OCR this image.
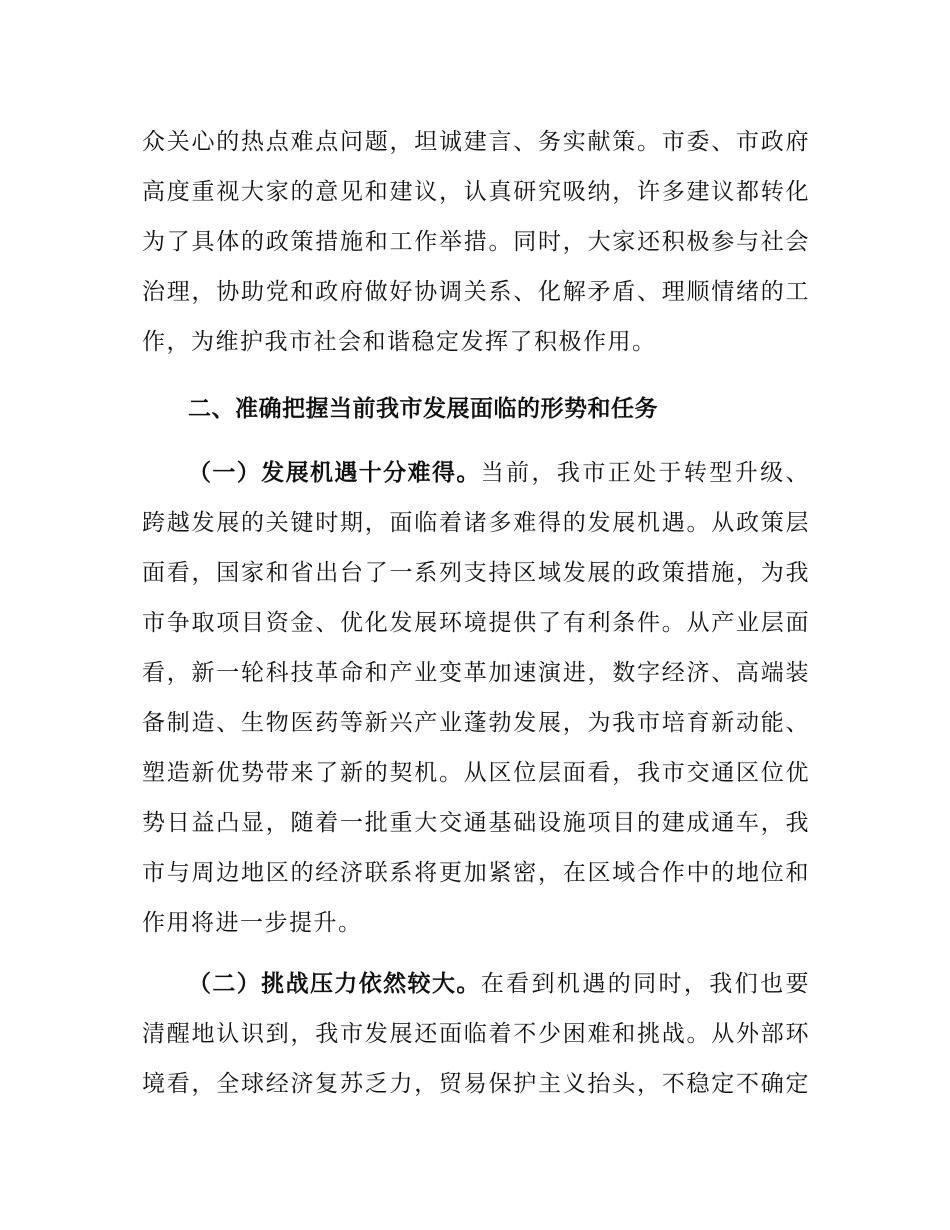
众关心的热点难点问题，坦诚建言、务实献策。市委、市政府
高度重视大家的意见和建议，认真研究吸纳，许多建议都转化
为了具体的政策措施和工作举措。同时，大家还积极参与社会
治理，协助党和政府做好协调关系、化解矛盾、理顺情绪的工
作，为维护我市社会和谐稳定发挥了积极作用。
二、准确把握当前我市发展面临的形势和任务
（一）发展机遇十分难得。当前，我市正处于转型升级、
跨越发展的关键时期，面临着诸多难得的发展机遇。从政策层
面看，国家和省出台了一系列支持区域发展的政策措施，为我
市争取项目资金、优化发展环境提供了有利条件。从产业层面
看，新一轮科技革命和产业变革加速演进，数字经济、高端装
备制造、生物医药等新兴产业蓬勃发展，为我市培育新动能、
塑造新优势带来了新的契机。从区位层面看，我市交通区位优
势日益凸显，随着一批重大交通基础设施项目的建成通车，我
市与周边地区的经济联系将更加紧密，在区域合作中的地位和
作用将进一步提升。
（二）挑战压力依然较大。在看到机遇的同时，我们也要
清醒地认识到，我市发展还面临着不少困难和挑战。从外部环
境看，全球经济复苏乏力，贸易保护主义抬头，不稳定不确定
